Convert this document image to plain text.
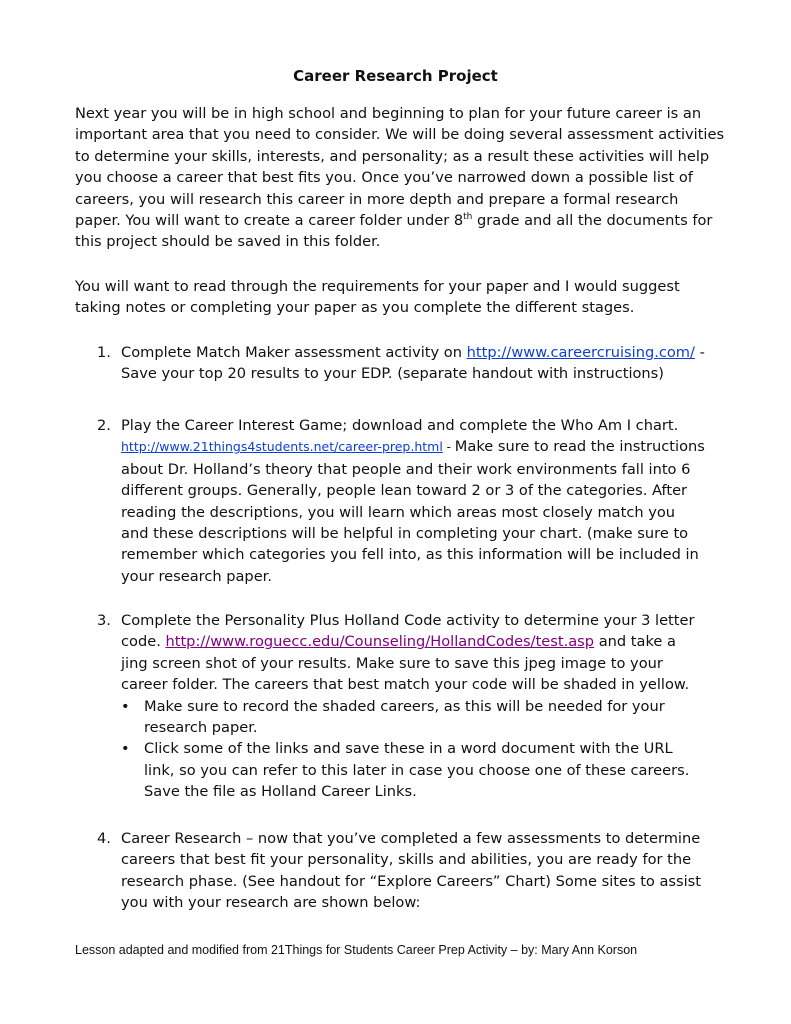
Career Research Project

Next year you will be in high school and beginning to plan for your future career is an important area that you need to consider. We will be doing several assessment activities to determine your skills, interests, and personality; as a result these activities will help you choose a career that best fits you. Once you’ve narrowed down a possible list of careers, you will research this career in more depth and prepare a formal research paper. You will want to create a career folder under 8th grade and all the documents for this project should be saved in this folder.

You will want to read through the requirements for your paper and I would suggest taking notes or completing your paper as you complete the different stages.

1. Complete Match Maker assessment activity on http://www.careercruising.com/ - Save your top 20 results to your EDP. (separate handout with instructions)
2. Play the Career Interest Game; download and complete the Who Am I chart.
http://www.21things4students.net/career-prep.html - Make sure to read the instructions about Dr. Holland’s theory that people and their work environments fall into 6 different groups. Generally, people lean toward 2 or 3 of the categories. After reading the descriptions, you will learn which areas most closely match you and these descriptions will be helpful in completing your chart. (make sure to remember which categories you fell into, as this information will be included in your research paper.
3. Complete the Personality Plus Holland Code activity to determine your 3 letter code. http://www.roguecc.edu/Counseling/HollandCodes/test.asp and take a jing screen shot of your results. Make sure to save this jpeg image to your career folder. The careers that best match your code will be shaded in yellow.
• Make sure to record the shaded careers, as this will be needed for your research paper.
• Click some of the links and save these in a word document with the URL link, so you can refer to this later in case you choose one of these careers. Save the file as Holland Career Links.
4. Career Research – now that you’ve completed a few assessments to determine careers that best fit your personality, skills and abilities, you are ready for the research phase. (See handout for “Explore Careers” Chart) Some sites to assist you with your research are shown below:
Lesson adapted and modified from 21Things for Students Career Prep Activity – by: Mary Ann Korson
